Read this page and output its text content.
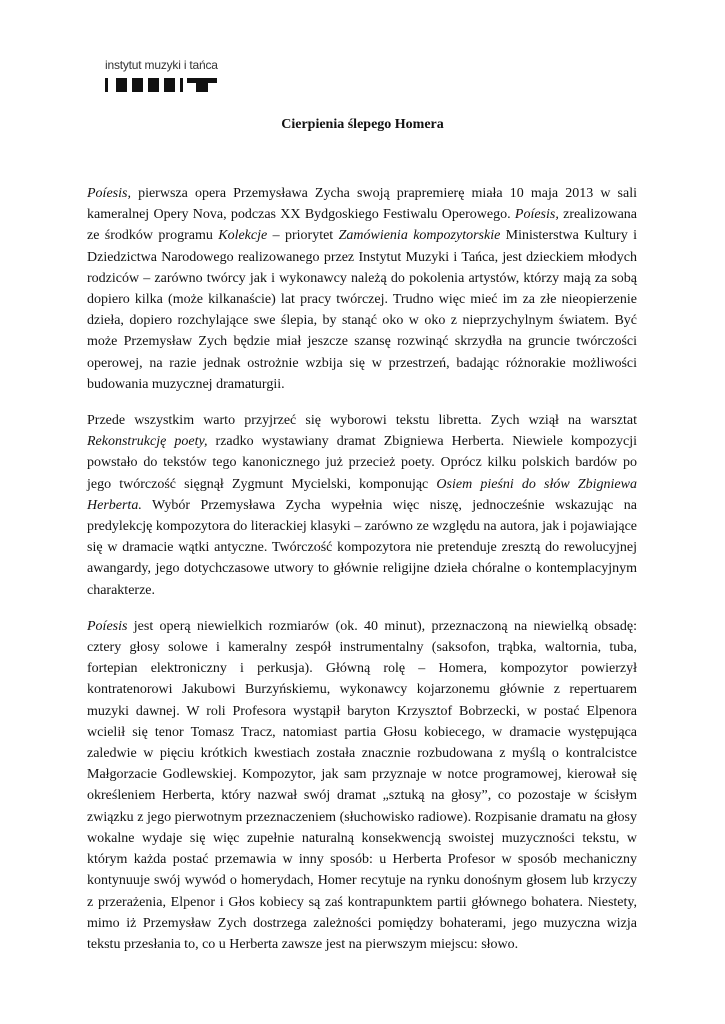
instytut muzyki i tańca
Cierpienia ślepego Homera

Poíesis, pierwsza opera Przemysława Zycha swoją prapremierę miała 10 maja 2013 w sali kameralnej Opery Nova, podczas XX Bydgoskiego Festiwalu Operowego. Poíesis, zrealizowana ze środków programu Kolekcje – priorytet Zamówienia kompozytorskie Ministerstwa Kultury i Dziedzictwa Narodowego realizowanego przez Instytut Muzyki i Tańca, jest dzieckiem młodych rodziców – zarówno twórcy jak i wykonawcy należą do pokolenia artystów, którzy mają za sobą dopiero kilka (może kilkanaście) lat pracy twórczej. Trudno więc mieć im za złe nieopierzenie dzieła, dopiero rozchylające swe ślepia, by stanąć oko w oko z nieprzychylnym światem. Być może Przemysław Zych będzie miał jeszcze szansę rozwinąć skrzydła na gruncie twórczości operowej, na razie jednak ostrożnie wzbija się w przestrzeń, badając różnorakie możliwości budowania muzycznej dramaturgii.

Przede wszystkim warto przyjrzeć się wyborowi tekstu libretta. Zych wziął na warsztat Rekonstrukcję poety, rzadko wystawiany dramat Zbigniewa Herberta. Niewiele kompozycji powstało do tekstów tego kanonicznego już przecież poety. Oprócz kilku polskich bardów po jego twórczość sięgnął Zygmunt Mycielski, komponując Osiem pieśni do słów Zbigniewa Herberta. Wybór Przemysława Zycha wypełnia więc niszę, jednocześnie wskazując na predylekcję kompozytora do literackiej klasyki – zarówno ze względu na autora, jak i pojawiające się w dramacie wątki antyczne. Twórczość kompozytora nie pretenduje zresztą do rewolucyjnej awangardy, jego dotychczasowe utwory to głównie religijne dzieła chóralne o kontemplacyjnym charakterze.

Poíesis jest operą niewielkich rozmiarów (ok. 40 minut), przeznaczoną na niewielką obsadę: cztery głosy solowe i kameralny zespół instrumentalny (saksofon, trąbka, waltornia, tuba, fortepian elektroniczny i perkusja). Główną rolę – Homera, kompozytor powierzył kontratenorowi Jakubowi Burzyńskiemu, wykonawcy kojarzonemu głównie z repertuarem muzyki dawnej. W roli Profesora wystąpił baryton Krzysztof Bobrzecki, w postać Elpenora wcielił się tenor Tomasz Tracz, natomiast partia Głosu kobiecego, w dramacie występująca zaledwie w pięciu krótkich kwestiach została znacznie rozbudowana z myślą o kontralcistce Małgorzacie Godlewskiej. Kompozytor, jak sam przyznaje w notce programowej, kierował się określeniem Herberta, który nazwał swój dramat „sztuką na głosy”, co pozostaje w ścisłym związku z jego pierwotnym przeznaczeniem (słuchowisko radiowe). Rozpisanie dramatu na głosy wokalne wydaje się więc zupełnie naturalną konsekwencją swoistej muzyczności tekstu, w którym każda postać przemawia w inny sposób: u Herberta Profesor w sposób mechaniczny kontynuuje swój wywód o homerydach, Homer recytuje na rynku donośnym głosem lub krzyczy z przerażenia, Elpenor i Głos kobiecy są zaś kontrapunktem partii głównego bohatera. Niestety, mimo iż Przemysław Zych dostrzega zależności pomiędzy bohaterami, jego muzyczna wizja tekstu przesłania to, co u Herberta zawsze jest na pierwszym miejscu: słowo.
